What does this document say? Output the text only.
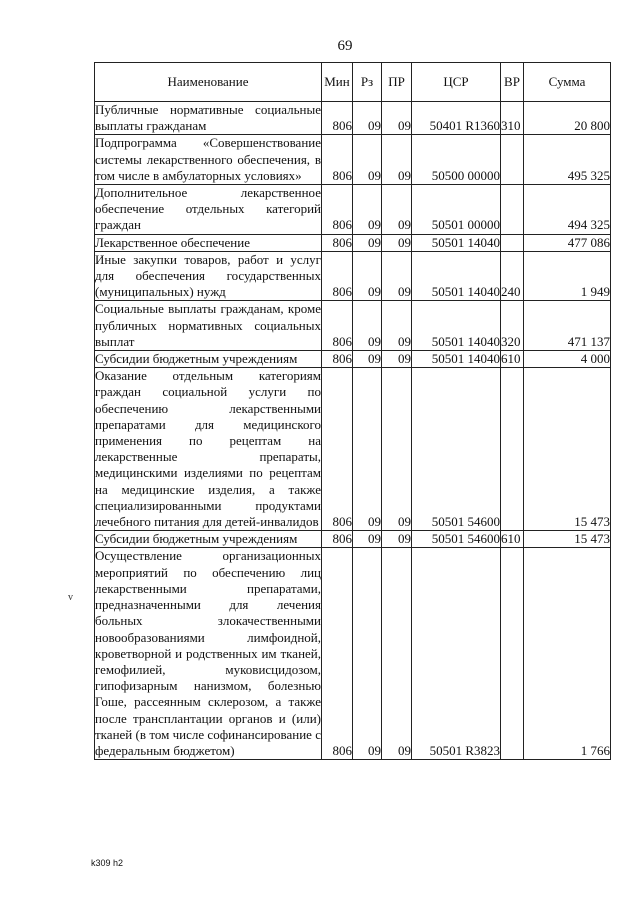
69
Наименование	Мин	Рз	ПР	ЦСР	ВР	Сумма
Публичные нормативные социальные выплаты гражданам	806	09	09	50401 R1360	310	20 800
Подпрограмма «Совершенствование системы лекарственного обеспечения, в том числе в амбулаторных условиях»	806	09	09	50500 00000		495 325
Дополнительное лекарственное обеспечение отдельных категорий граждан	806	09	09	50501 00000		494 325
Лекарственное обеспечение	806	09	09	50501 14040		477 086
Иные закупки товаров, работ и услуг для обеспечения государственных (муниципальных) нужд	806	09	09	50501 14040	240	1 949
Социальные выплаты гражданам, кроме публичных нормативных социальных выплат	806	09	09	50501 14040	320	471 137
Субсидии бюджетным учреждениям	806	09	09	50501 14040	610	4 000
Оказание отдельным категориям граждан социальной услуги по обеспечению лекарственными препаратами для медицинского применения по рецептам на лекарственные препараты, медицинскими изделиями по рецептам на медицинские изделия, а также специализированными продуктами лечебного питания для детей-инвалидов	806	09	09	50501 54600		15 473
Субсидии бюджетным учреждениям	806	09	09	50501 54600	610	15 473
Осуществление организационных мероприятий по обеспечению лиц лекарственными препаратами, предназначенными для лечения больных злокачественными новообразованиями лимфоидной, кроветворной и родственных им тканей, гемофилией, муковисцидозом, гипофизарным нанизмом, болезнью Гоше, рассеянным склерозом, а также после трансплантации органов и (или) тканей (в том числе софинансирование с федеральным бюджетом)	806	09	09	50501 R3823		1 766
v
k309 h2
